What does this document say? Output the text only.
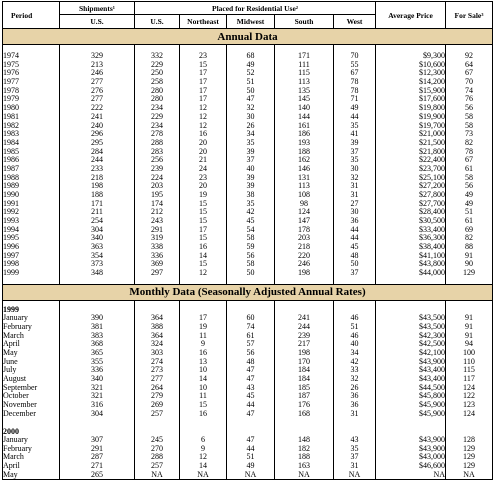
Period	Shipments¹	Placed for Residential Use²					Average Price	For Sale³
	U.S.	U.S.	Northeast	Midwest	South	West		
Annual Data								

1974	329	332	23	68	171	70	$9,300	92
1975	213	229	15	49	111	55	$10,600	64
1976	246	250	17	52	115	67	$12,300	67
1977	277	258	17	51	113	78	$14,200	70
1978	276	280	17	50	135	78	$15,900	74
1979	277	280	17	47	145	71	$17,600	76
1980	222	234	12	32	140	49	$19,800	56
1981	241	229	12	30	144	44	$19,900	58
1982	240	234	12	26	161	35	$19,700	58
1983	296	278	16	34	186	41	$21,000	73
1984	295	288	20	35	193	39	$21,500	82
1985	284	283	20	39	188	37	$21,800	78
1986	244	256	21	37	162	35	$22,400	67
1987	233	239	24	40	146	30	$23,700	61
1988	218	224	23	39	131	32	$25,100	58
1989	198	203	20	39	113	31	$27,200	56
1990	188	195	19	38	108	31	$27,800	49
1991	171	174	15	35	98	27	$27,700	49
1992	211	212	15	42	124	30	$28,400	51
1993	254	243	15	45	147	36	$30,500	61
1994	304	291	17	54	178	44	$33,400	69
1995	340	319	15	58	203	44	$36,300	82
1996	363	338	16	59	218	45	$38,400	88
1997	354	336	14	56	220	48	$41,100	91
1998	373	369	15	58	246	50	$43,800	90
1999	348	297	12	50	198	37	$44,000	129

Monthly Data (Seasonally Adjusted Annual Rates)								
1999								
January	390	364	17	60	241	46	$43,500	91
February	381	388	19	74	244	51	$43,500	91
March	383	364	11	61	239	46	$42,300	91
April	368	324	9	57	217	40	$42,500	94
May	365	303	16	56	198	34	$42,100	100
June	355	274	13	48	170	42	$43,900	110
July	336	273	10	47	184	33	$43,400	115
August	340	277	14	47	184	32	$43,400	117
September	321	264	10	43	185	26	$44,500	124
October	321	279	11	45	187	36	$45,800	122
November	316	269	15	44	176	36	$45,900	123
December	304	257	16	47	168	31	$45,900	124

2000								
January	307	245	6	47	148	43	$43,900	128
February	291	270	9	44	182	35	$43,900	129
March	287	288	12	51	188	37	$43,000	129
April	271	257	14	49	163	31	$46,600	129
May	265	NA	NA	NA	NA	NA	NA	NA
